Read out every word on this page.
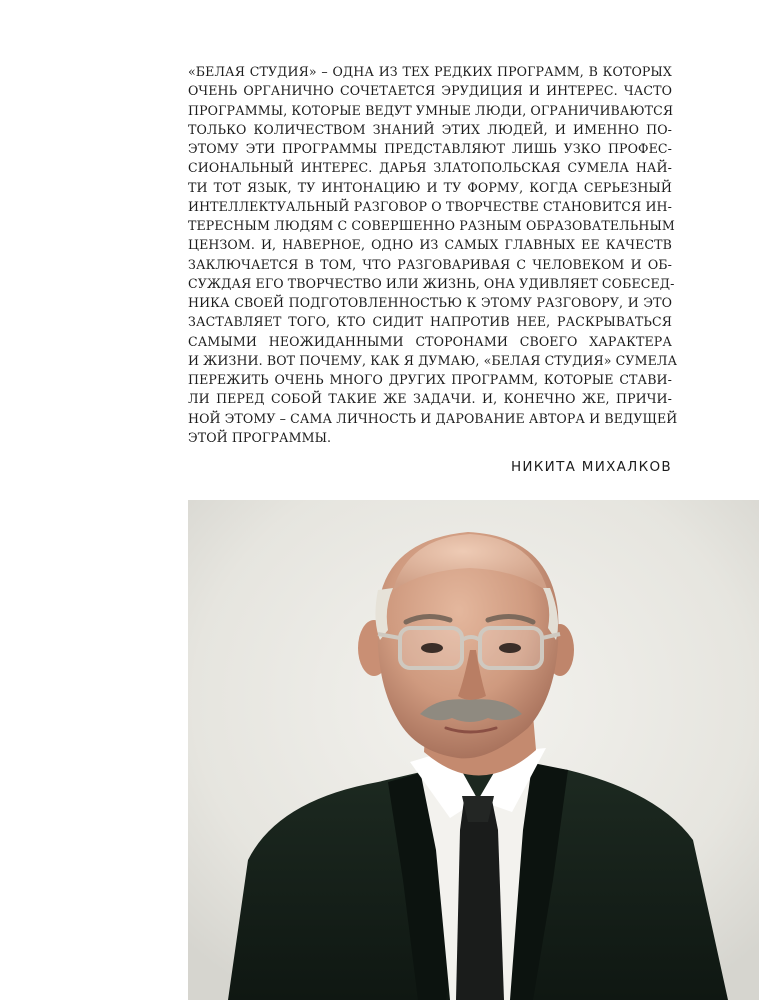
«БЕЛАЯ СТУДИЯ» – ОДНА ИЗ ТЕХ РЕДКИХ ПРОГРАММ, В КОТОРЫХ
ОЧЕНЬ ОРГАНИЧНО СОЧЕТАЕТСЯ ЭРУДИЦИЯ И ИНТЕРЕС. ЧАСТО
ПРОГРАММЫ, КОТОРЫЕ ВЕДУТ УМНЫЕ ЛЮДИ, ОГРАНИЧИВАЮТСЯ
ТОЛЬКО КОЛИЧЕСТВОМ ЗНАНИЙ ЭТИХ ЛЮДЕЙ, И ИМЕННО ПО-
ЭТОМУ ЭТИ ПРОГРАММЫ ПРЕДСТАВЛЯЮТ ЛИШЬ УЗКО ПРОФЕС-
СИОНАЛЬНЫЙ ИНТЕРЕС. ДАРЬЯ ЗЛАТОПОЛЬСКАЯ СУМЕЛА НАЙ-
ТИ ТОТ ЯЗЫК, ТУ ИНТОНАЦИЮ И ТУ ФОРМУ, КОГДА СЕРЬЕЗНЫЙ
ИНТЕЛЛЕКТУАЛЬНЫЙ РАЗГОВОР О ТВОРЧЕСТВЕ СТАНОВИТСЯ ИН-
ТЕРЕСНЫМ ЛЮДЯМ С СОВЕРШЕННО РАЗНЫМ ОБРАЗОВАТЕЛЬНЫМ
ЦЕНЗОМ. И, НАВЕРНОЕ, ОДНО ИЗ САМЫХ ГЛАВНЫХ ЕЕ КАЧЕСТВ
ЗАКЛЮЧАЕТСЯ В ТОМ, ЧТО РАЗГОВАРИВАЯ С ЧЕЛОВЕКОМ И ОБ-
СУЖДАЯ ЕГО ТВОРЧЕСТВО ИЛИ ЖИЗНЬ, ОНА УДИВЛЯЕТ СОБЕСЕД-
НИКА СВОЕЙ ПОДГОТОВЛЕННОСТЬЮ К ЭТОМУ РАЗГОВОРУ, И ЭТО
ЗАСТАВЛЯЕТ ТОГО, КТО СИДИТ НАПРОТИВ НЕЕ, РАСКРЫВАТЬСЯ
САМЫМИ НЕОЖИДАННЫМИ СТОРОНАМИ СВОЕГО ХАРАКТЕРА
И ЖИЗНИ. ВОТ ПОЧЕМУ, КАК Я ДУМАЮ, «БЕЛАЯ СТУДИЯ» СУМЕЛА
ПЕРЕЖИТЬ ОЧЕНЬ МНОГО ДРУГИХ ПРОГРАММ, КОТОРЫЕ СТАВИ-
ЛИ ПЕРЕД СОБОЙ ТАКИЕ ЖЕ ЗАДАЧИ. И, КОНЕЧНО ЖЕ, ПРИЧИ-
НОЙ ЭТОМУ – САМА ЛИЧНОСТЬ И ДАРОВАНИЕ АВТОРА И ВЕДУЩЕЙ
ЭТОЙ ПРОГРАММЫ.
НИКИТА МИХАЛКОВ
